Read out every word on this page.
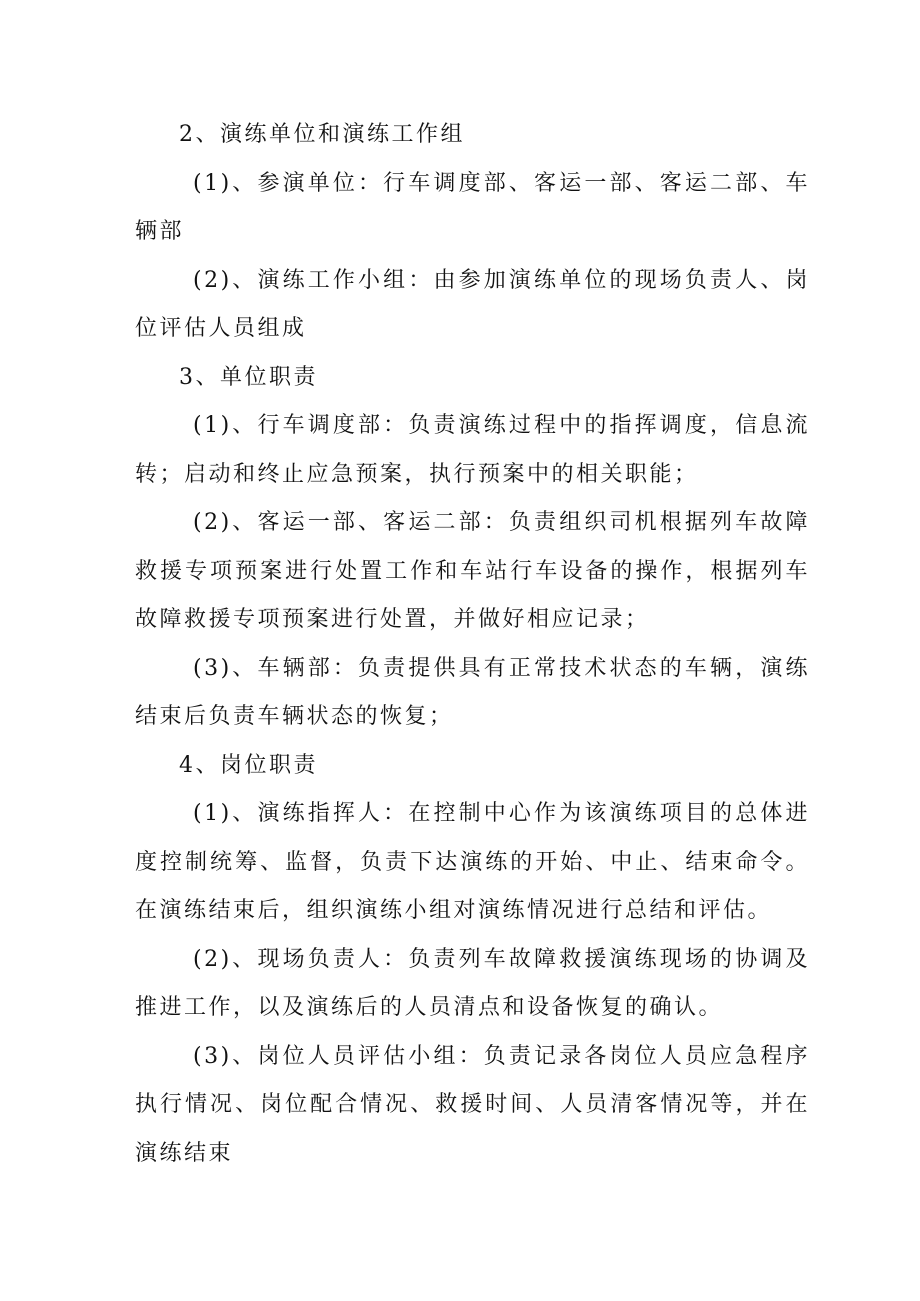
2、演练单位和演练工作组

(1)、参演单位：行车调度部、客运一部、客运二部、车辆部

(2)、演练工作小组：由参加演练单位的现场负责人、岗位评估人员组成

3、单位职责

(1)、行车调度部：负责演练过程中的指挥调度，信息流转；启动和终止应急预案，执行预案中的相关职能；

(2)、客运一部、客运二部：负责组织司机根据列车故障救援专项预案进行处置工作和车站行车设备的操作，根据列车故障救援专项预案进行处置，并做好相应记录；

(3)、车辆部：负责提供具有正常技术状态的车辆，演练结束后负责车辆状态的恢复；

4、岗位职责

(1)、演练指挥人：在控制中心作为该演练项目的总体进度控制统筹、监督，负责下达演练的开始、中止、结束命令。在演练结束后，组织演练小组对演练情况进行总结和评估。

(2)、现场负责人：负责列车故障救援演练现场的协调及推进工作，以及演练后的人员清点和设备恢复的确认。

(3)、岗位人员评估小组：负责记录各岗位人员应急程序执行情况、岗位配合情况、救援时间、人员清客情况等，并在演练结束
